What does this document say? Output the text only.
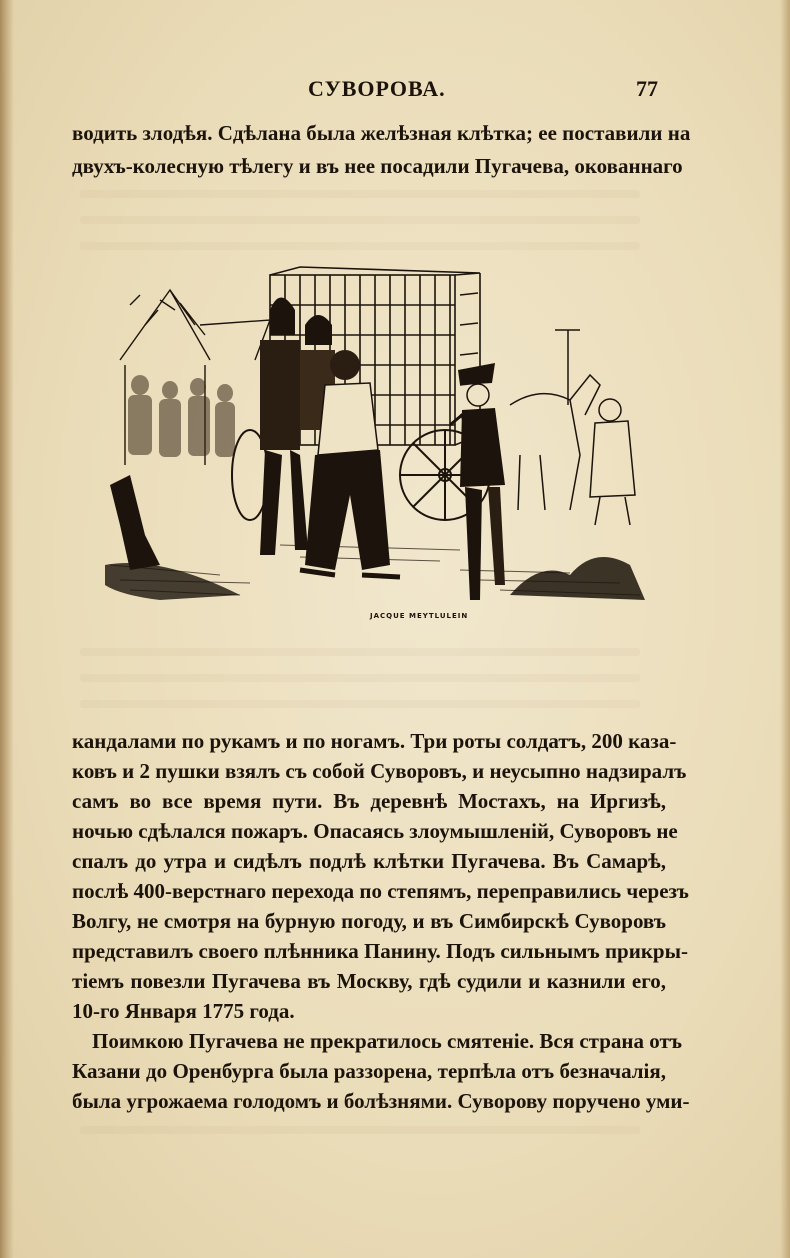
СУВОРОВА.	77
водить злодѣя. Сдѣлана была желѣзная клѣтка; ее поставили на
двухъ-колесную тѣлегу и въ нее посадили Пугачева, окованнаго
JACQUE MEYTLULEIN
кандалами по рукамъ и по ногамъ. Три роты солдатъ, 200 каза-
ковъ и 2 пушки взялъ съ собой Суворовъ, и неусыпно надзиралъ
самъ во все время пути. Въ деревнѣ Мостахъ, на Иргизѣ,
ночью сдѣлался пожаръ. Опасаясь злоумышленій, Суворовъ не
спалъ до утра и сидѣлъ подлѣ клѣтки Пугачева. Въ Самарѣ,
послѣ 400-верстнаго перехода по степямъ, переправились черезъ
Волгу, не смотря на бурную погоду, и въ Симбирскѣ Суворовъ
представилъ своего плѣнника Панину. Подъ сильнымъ прикры-
тіемъ повезли Пугачева въ Москву, гдѣ судили и казнили его,
10-го Января 1775 года.
Поимкою Пугачева не прекратилось смятеніе. Вся страна отъ
Казани до Оренбурга была раззорена, терпѣла отъ безначалія,
была угрожаема голодомъ и болѣзнями. Суворову поручено уми-
